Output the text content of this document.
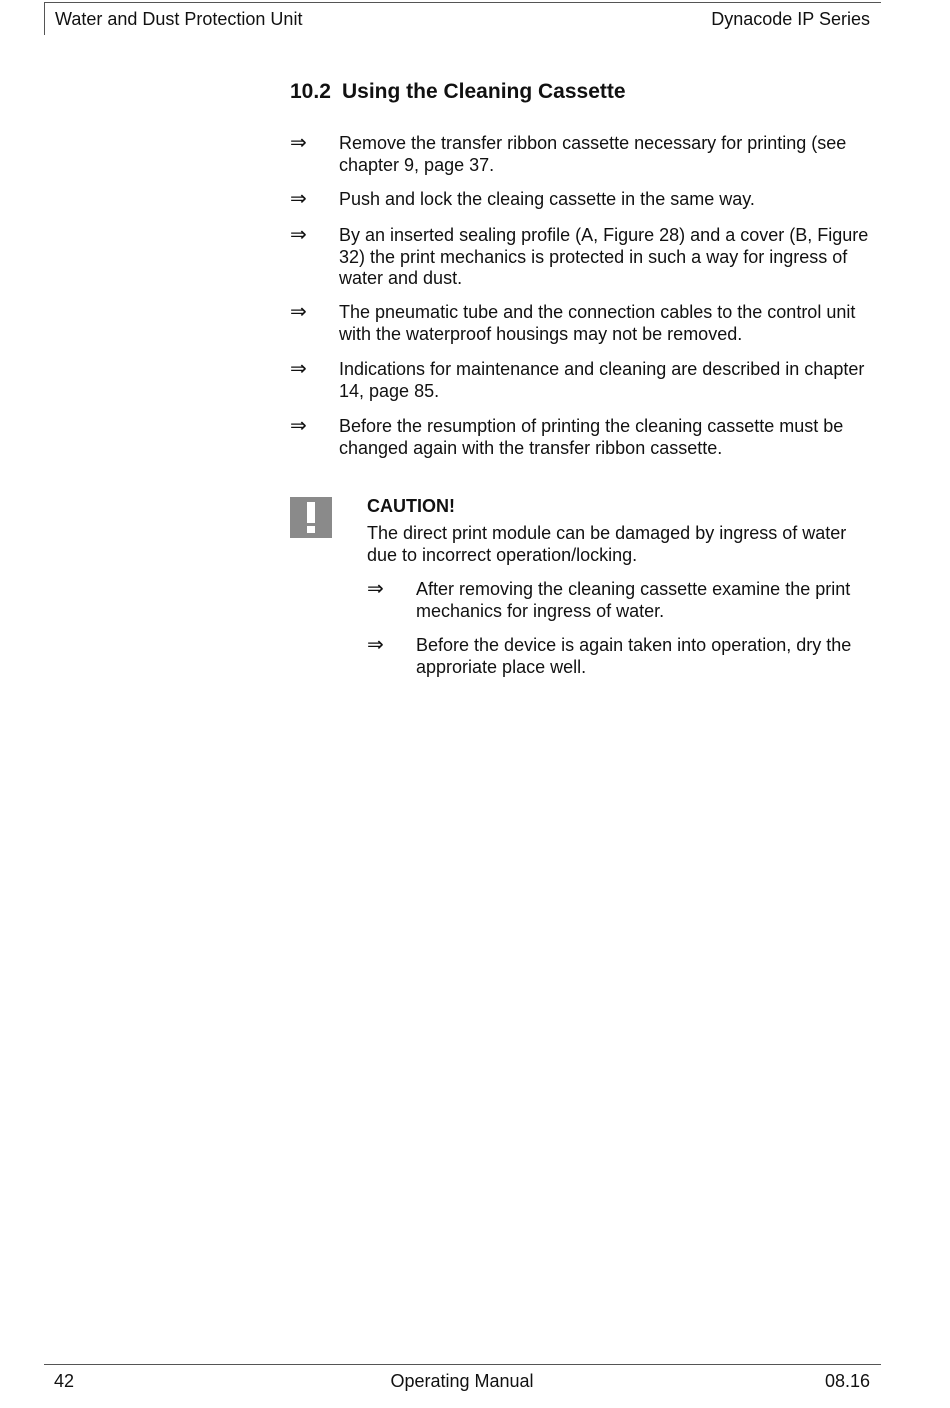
Water and Dust Protection Unit	Dynacode IP Series
10.2 Using the Cleaning Cassette
⇒ Remove the transfer ribbon cassette necessary for printing (see chapter 9, page 37.
⇒ Push and lock the cleaing cassette in the same way.
⇒ By an inserted sealing profile (A, Figure 28) and a cover (B, Figure 32) the print mechanics is protected in such a way for ingress of water and dust.
⇒ The pneumatic tube and the connection cables to the control unit with the waterproof housings may not be removed.
⇒ Indications for maintenance and cleaning are described in chapter 14, page 85.
⇒ Before the resumption of printing the cleaning cassette must be changed again with the transfer ribbon cassette.
CAUTION!
The direct print module can be damaged by ingress of water due to incorrect operation/locking.
⇒ After removing the cleaning cassette examine the print mechanics for ingress of water.
⇒ Before the device is again taken into operation, dry the approriate place well.
42	Operating Manual	08.16
